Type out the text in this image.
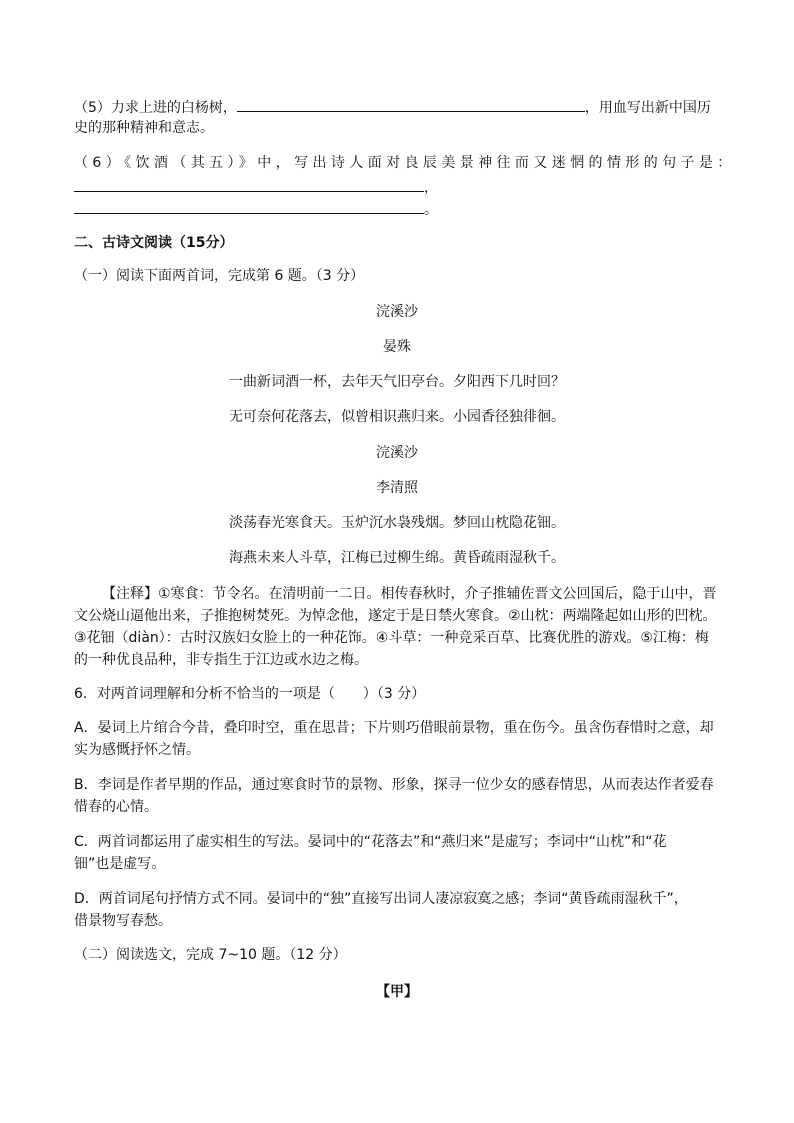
（5）力求上进的白杨树，	，用血写出新中国历
史的那种精神和意志。
（6）《饮酒（其五）》中，写出诗人面对良辰美景神往而又迷惘的情形的句子是：
，
。
二、古诗文阅读（15分）
（一）阅读下面两首词，完成第 6 题。（3 分）
浣溪沙
晏殊
一曲新词酒一杯，去年天气旧亭台。夕阳西下几时回？
无可奈何花落去，似曾相识燕归来。小园香径独徘徊。
浣溪沙
李清照
淡荡春光寒食天。玉炉沉水袅残烟。梦回山枕隐花钿。
海燕未来人斗草，江梅已过柳生绵。黄昏疏雨湿秋千。
【注释】①寒食：节令名。在清明前一二日。相传春秋时，介子推辅佐晋文公回国后，隐于山中，晋
文公烧山逼他出来，子推抱树焚死。为悼念他，遂定于是日禁火寒食。②山枕：两端隆起如山形的凹枕。
③花钿（diàn）：古时汉族妇女脸上的一种花饰。④斗草：一种竞采百草、比赛优胜的游戏。⑤江梅：梅
的一种优良品种，非专指生于江边或水边之梅。
6．对两首词理解和分析不恰当的一项是（　　）（3 分）
A．晏词上片绾合今昔，叠印时空，重在思昔；下片则巧借眼前景物，重在伤今。虽含伤春惜时之意，却
实为感慨抒怀之情。
B．李词是作者早期的作品，通过寒食时节的景物、形象，探寻一位少女的感春情思，从而表达作者爱春
惜春的心情。
C．两首词都运用了虚实相生的写法。晏词中的“花落去”和“燕归来”是虚写；李词中“山枕”和“花
钿”也是虚写。
D．两首词尾句抒情方式不同。晏词中的“独”直接写出词人凄凉寂寞之感；李词“黄昏疏雨湿秋千”，
借景物写春愁。
（二）阅读选文，完成 7~10 题。（12 分）
【甲】
